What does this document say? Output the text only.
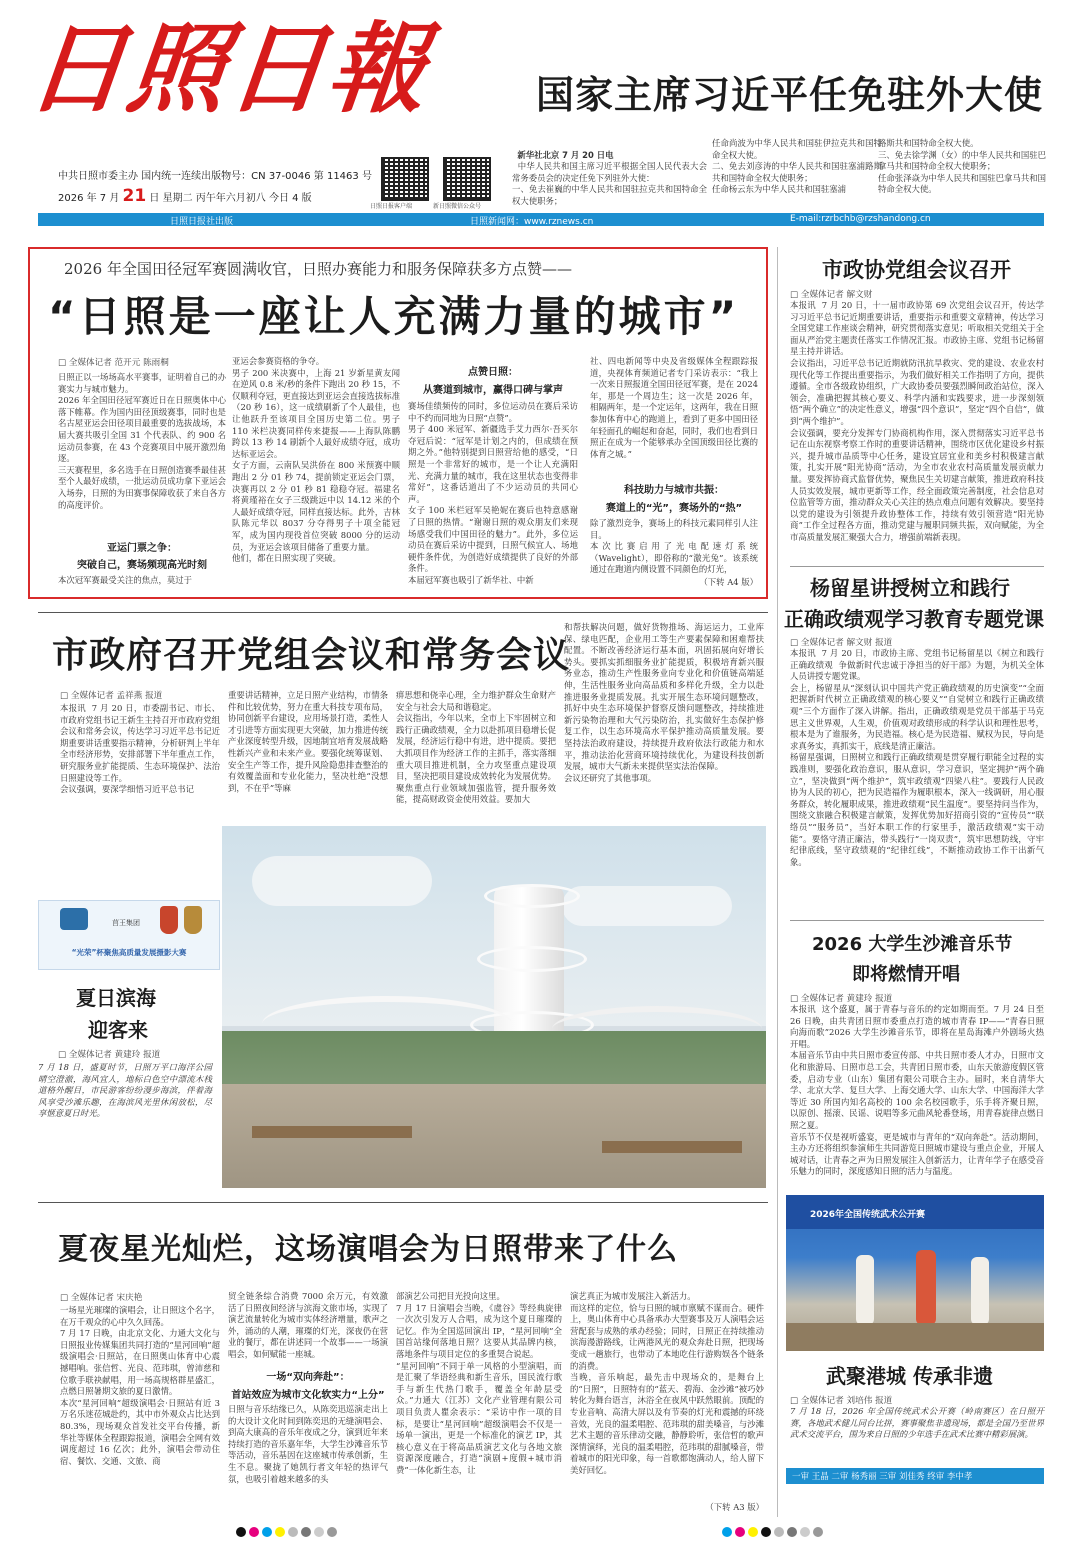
日照日報
中共日照市委主办 国内统一连续出版物号：CN 37-0046 第 11463 号
2026 年 7 月 21 日 星期二 丙午年六月初八 今日 4 版
日照日报客户端	新日照微信公众号
国家主席习近平任免驻外大使

新华社北京 7 月 20 日电
中华人民共和国主席习近平根据全国人民代表大会常务委员会的决定任免下列驻外大使：
一、免去崔巍的中华人民共和国驻拉克共和国特命全权大使职务；

任命尚波为中华人民共和国驻伊拉克共和国特命全权大使。
二、免去刘彦涛的中华人民共和国驻塞浦路斯共和国特命全权大使职务；
任命杨云东为中华人民共和国驻塞浦
路斯共和国特命全权大使。
三、免去徐学渊（女）的中华人民共和国驻巴拿马共和国特命全权大使职务；
任命张泽焱为中华人民共和国驻巴拿马共和国特命全权大使。
日照日报社出版	日照新闻网：www.rznews.cn	E-mail:rzrbchb@rzshandong.cn
2026 年全国田径冠军赛圆满收官，日照办赛能力和服务保障获多方点赞——
“日照是一座让人充满力量的城市”
□ 全媒体记者 范开元 陈雨桐
日照正以一场场高水平赛事，证明着自己的办赛实力与城市魅力。
2026 年全国田径冠军赛近日在日照奥体中心落下帷幕。作为国内田径顶级赛事，同时也是名古屋亚运会田径项目最重要的选拔战场，本届大赛共吸引全国 31 个代表队、约 900 名运动员参赛，在 43 个竞赛项目中展开激烈角逐。
三天赛程里，多名选手在日照创造赛季最佳甚至个人最好成绩，一批运动员成功拿下亚运会入场券，日照的为田赛事保障收获了来自各方的高度评价。
亚运门票之争：
突破自己，赛场频现高光时刻
本次冠军赛最受关注的焦点，莫过于
亚运会参赛资格的争夺。
男子 200 米决赛中，上海 21 岁新星黄友闻在逆风 0.8 米/秒的条件下跑出 20 秒 15，不仅顺利夺冠，更直接达到亚运会直接选拔标准（20 秒 16），这一成绩刷新了个人最佳，也让他跃升至该项目全国历史第二位。男子 110 米栏决赛同样传来捷报——上海队陈鹏跨以 13 秒 14 刷新个人最好成绩夺冠，成功达标亚运会。
女子方面，云南队吴洪侨在 800 米预赛中顺跑出 2 分 01 秒 74，提前锁定亚运会门票，决赛再以 2 分 01 秒 81 稳稳夺冠。福建名将黄瑾裕在女子三级跳远中以 14.12 米的个人最好成绩夺冠，同样直接达标。此外，吉林队陈元华以 8037 分夺得男子十项全能冠军，成为国内现役首位突破 8000 分的运动员，为亚运会该项目储备了重要力量。
他们，都在日照实现了突破。
点赞日照：
从赛道到城市，赢得口碑与掌声
赛场佳绩频传的同时，多位运动员在赛后采访中不约而同地为日照“点赞”。
男子 400 米冠军、新疆选手艾力西尔·吾买尔夺冠后说：“冠军是计划之内的，但成绩在预期之外。”他特别提到日照营给他的感受，“日照是一个非常好的城市，是一个让人充满阳光、充满力量的城市，我在这里状态也变得非常好”，这番话道出了不少运动员的共同心声。
女子 100 米栏冠军吴艳妮在赛后也特意感谢了日照的热情。“谢谢日照的观众朋友们来现场感受我们中国田径的魅力”。此外，多位运动员在赛后采访中提到，日照气候宜人、场地硬件条件优，为创造好成绩提供了良好的外部条件。
本届冠军赛也吸引了新华社、中新
社、四电新闻等中央及省级媒体全程跟踪报道，央视体育频道记者专门采访表示：“我上一次来日照报道全国田径冠军赛，是在 2024 年，那是一个周边生；这一次是 2026 年，相隔两年，是一个定运年，这两年，我在日照参加体育中心的跑道上，看到了更多中国田径年轻面孔的崛起和奋起，同时，我们也看到日照正在成为一个能够承办全国顶级田径比赛的体育之城。”
科技助力与城市共振：
赛道上的“光”，赛场外的“热”
除了激烈竞争，赛场上的科技元素同样引人注目。
本次比赛启用了光电配速灯系统（Wavelight），即俗称的“激光兔”。该系统通过在跑道内侧设置不同颜色的灯光，
（下转 A4 版）
市政府召开党组会议和常务会议
□ 全媒体记者 孟祥燕 报道
本报讯  7 月 20 日，市委副书记、市长、市政府党组书记王新生主持召开市政府党组会议和常务会议，传达学习习近平总书记近期重要讲话重要指示精神，分析研判上半年全市经济形势，安排部署下半年重点工作，研究服务业扩能提质、生态环境保护、法治日照建设等工作。
会议强调，要深学细悟习近平总书记
重要讲话精神，立足日照产业结构，市情条件和比较优势，努力在重大科技专项布局，协同创新平台建设，应用场景打造，柔性人才引进等方面实现更大突破，加力推进传统产业深度转型升级，因地制宜培育发展战略性新兴产业和未来产业。要强化统筹谋划、安全生产等工作，提升风险隐患排查整治的有效覆盖面和专业化能力，坚决杜绝“没想到，不在乎”等麻
痹思想和侥幸心理，全力维护群众生命财产安全与社会大局和谐稳定。
会议指出，今年以来，全市上下牢固树立和践行正确政绩观，全力以赴抓项目稳增长促发展，经济运行稳中有进，进中提质。要把大抓项目作为经济工作的主抓手，落实落细重大项目推进机制，全力攻坚重点建设项目，坚决把项目建设成效转化为发展优势。聚焦重点行业领域加强监管，提升服务效能，提高财政资金使用效益。要加大
和帮扶解决问题，做好货物推场、海运运力，工业库保、绿电匹配，企业用工等生产要素保障和困难帮扶配置。不断改善经济运行基本面，巩固拓展向好增长势头。要抓实抓细服务业扩能提质，积极培育新兴服务业态，推动生产性服务业向专业化和价值链高端延伸，生活性服务业向高品质和多样化升级，全力以赴推进服务业提质发展。扎实开展生态环境问题整改，抓好中央生态环境保护督察反馈问题整改，持续推进新污染物治理和大气污染防治，扎实做好生态保护修复工作，以生态环境高水平保护推动高质量发展。要坚持法治政府建设，持续提升政府依法行政能力和水平，推动法治化营商环境持续优化，为建设科技创新发展，城市大气新未来提供坚实法治保障。
会议还研究了其他事项。
莒王集团
“光荣”杯聚焦高质量发展摄影大赛
夏日滨海
迎客来
□ 全媒体记者 黄建玲 报道
7 月 18 日，盛夏时节，日照万平口海洋公园晴空澄澈，海风宜人，地标白色空中漂流木栈道格外醒目，市民游客纷纷漫步海滨，伴着海风享受沙滩乐趣，在海滨风光里休闲放松，尽享惬意夏日时光。
夏夜星光灿烂，这场演唱会为日照带来了什么
□ 全媒体记者 宋庆艳
一场星光璀璨的演唱会，让日照这个名字，在万千观众的心中久久回荡。
7 月 17 日晚，由北京文化、力通大文化与日照报业传媒集团共同打造的“星河回响”超级演唱会·日照站，在日照奥山体育中心震撼唱响。张信哲、光良、范玮琪，曾沛慈和位歌手联袂献唱，用一场高规格群星盛汇，点燃日照暑期文旅的夏日激情。
本次“星河回响”超级演唱会·日照站有近 3 万名乐迷莅城赴约，其中市外观众占比达到 80.3%，现场观众首发社交平台传播，新华社等媒体全程跟踪报道，演唱会全网有效调度超过 16 亿次；此外，演唱会带动住宿、餐饮、交通、文旅、商
贸全链条综合消费 7000 余万元，有效激活了日照夜间经济与滨海文旅市场，实现了演艺流量转化为城市实体经济增量，歌声之外，涌动的人潮，璀璨的灯光，深夜仍在营业的餐厅，都在讲述同一个故事——一场演唱会，如何赋能一座城。
一场“双向奔赴”：
首站效应为城市文化软实力“上分”
日照与音乐结缘已久，从陈奕迅巡演走出上的大设计文化时间到陈奕迅的无缝演唱会、到高大康高的音乐年夜成之分，演到近年来持续打造的音乐嘉年华，大学生沙滩音乐节等活动，音乐基因在这座城市传承创新，生生不息。聚拢了她凯行者文年轻的热评气氛，也吸引着越来越多的头
部演艺公司把目光投向这里。
7 月 17 日演唱会当晚，《虞谷》等经典旋律一次次引发万人合唱，成为这个夏日璀璨的记忆。作为全国巡回演出 IP，“星河回响”全国首站缘何落地日照？这要从其品牌内核，落地条件与项目定位的多重契合说起。
“星河回响”不同于单一风格的小型演唱，而是汇聚了华语经典和新生音乐，国民流行歌手与新生代热门歌手，覆盖全年龄层受众。”力通大（江苏）文化产业管理有限公司项目负责人瞿余表示：“采访中作一项的目标，是要让“星河回响”超级演唱会不仅是一场单一演出，更是一个标准化的演艺 IP，其核心意义在于将高品质演艺文化与各地文旅资源深度融合，打造“演剧+度假+城市消费”一体化新生态，让
演艺真正为城市发展注入新活力。
而这样的定位，恰与日照的城市禀赋不谋而合。硬件上，奥山体育中心具备承办大型赛事及万人演唱会运营配套与成熟的承办经验；同时，日照正在持续推动滨海漫游路线，让两港风光的观众奔赴日照，把现场变成一趟旅行，也带动了本地吃住行游购娱各个链条的消费。
当晚，音乐响起，最先击中现场众的，是舞台上的“日照”，日照特有的“蓝天、碧海、金沙滩”被巧妙转化为舞台语言，沐浴全在夜风中跃然眼前。顶配的专业音响、高清大屏以及有节奏的灯光和震撼的环绕音效，光良的温柔唱腔、范玮琪的甜美嗓音，与沙滩艺术主题的音乐律动交融，静静聆听，张信哲的歌声深情演绎，光良的温柔唱腔，范玮琪的甜腻嗓音，带着城市的阳光印象，每一首歌都饱满动人，给人留下美好回忆。
（下转 A3 版）
市政协党组会议召开
□ 全媒体记者 解文财
本报讯  7 月 20 日，十一届市政协第 69 次党组会议召开，传达学习习近平总书记近期重要讲话，重要指示和重要文章精神，传达学习全国党建工作座谈会精神，研究贯彻落实意见；听取相关党组关于全面从严治党主题责任落实工作情况汇报。市政协主席、党组书记杨留星主持并讲话。
会议指出，习近平总书记近期就防汛抗旱救灾、党的建设、农业农村现代化等工作提出重要指示，为我们做好相关工作指明了方向，提供遵循。全市各级政协组织，广大政协委员要强烈瞬间政治站位，深入领会，准确把握其核心要义、科学内涵和实践要求，进一步深刻领悟“两个确立”的决定性意义，增强“四个意识”，坚定“四个自信”，做到“两个维护”。
会议强调，要充分发挥专门协商机构作用，深入贯彻落实习近平总书记在山东视察考察工作时的重要讲话精神，围绕市区优化建设乡村振兴，提升城市品质等中心任务，建设宜居宜业和美乡村积极建言献策，扎实开展“阳光协商”活动，为全市农业农村高质量发展贡献力量。要发挥协商式监督优势，聚焦民生关切建言献策，推进政府科技人员实效发展，城市更新等工作，经全面政策完善制度，社会信息对位监管等方面，推动群众关心关注的热点难点问题有效解决。要坚持以党的建设为引领提升政协整体工作，持续有效引领营造“阳光协商”工作全过程各方面，推动党建与履职同频共振，双向赋能，为全市高质量发展汇聚强大合力，增强前端新表现。
杨留星讲授树立和践行
正确政绩观学习教育专题党课
□ 全媒体记者 解文财 报道
本报讯  7 月 20 日，市政协主席、党组书记杨留星以《树立和践行正确政绩观  争做新时代忠诚于净担当的好干部》为题，为机关全体人员讲授专题党课。
会上，杨留星从“深刻认识中国共产党正确政绩观的历史演变”“全面把握新时代树立正确政绩观的核心要义”“自觉树立和践行正确政绩观”三个方面作了深入讲解。指出，正确政绩观是党员干部基于马克思主义世界观，人生观，价值观对政绩形成的科学认识和理性思考，根本是为了谁服务，为民造福。核心是为民造福、赋权为民，导向是求真务实，真抓实干，底线是清正廉洁。
杨留星强调，日照树立和践行正确政绩观是贯穿履行职能全过程的实践准则，要强化政治意识，服从意识，学习意识，坚定拥护“两个确立”，坚决做到“两个维护”，筑牢政绩观“四梁八柱”。要践行人民政协为人民的初心，把为民造福作为履职根本，深入一线调研，用心服务群众，转化履职成果，推进政绩观“民生温度”。要坚持问当作为，围绕文旅融合积极建言献策，发挥优势加好招商引资的“宣传员”“联络员”“服务员”，当好本职工作的行家里手，激活政绩观“实干动能”。要恪守清正廉洁，带头践行“一岗双责”，筑牢思想防线，守牢纪律底线，坚守政绩观的“纪律红线”，不断推动政协工作干出新气象。
2026 大学生沙滩音乐节
即将燃情开唱
□ 全媒体记者 黄建玲 报道
本报讯  这个盛夏，属于青春与音乐的约定如期而至。7 月 24 日至 26 日晚，由共青团日照市委重点打造的城市青春 IP——“青春日照  向海而歌”2026 大学生沙滩音乐节，即将在星岛海滩户外剧场火热开唱。
本届音乐节由中共日照市委宣传部、中共日照市委人才办，日照市文化和旅游局、日照市总工会，共青团日照市委，山东天旅游度假区管委，启动专业（山东）集团有限公司联合主办。届时，来自清华大学、北京大学、复旦大学、上海交通大学、山东大学、中国海洋大学等近 30 所国内知名高校的 100 余名校园歌手，乐手将齐聚日照，以原创、摇滚、民谣、说唱等多元曲风轮番登场，用青春旋律点燃日照之夏。
音乐节不仅是视听盛宴，更是城市与青年的“双向奔赴”。活动期间，主办方还将组织参演师生共同游览日照城市建设与重点企业，开展人城对话，让青春之声为日照发展注入创新活力，让青年学子在感受音乐魅力的同时，深度感知日照的活力与温度。
2026年全国传统武术公开赛
武聚港城 传承非遗
□ 全媒体记者 刘培伟 报道
7 月 18 日，2026 年全国传统武术公开赛（岭南赛区）在日照开赛，各地武术健儿同台比拼，赛事聚焦非遗现场，都是全国乃至世界武术交流平台，围为来自日照的少年选手在武术比赛中精彩展演。
一审 王晶 二审 杨秀丽 三审 刘佳秀 终审 李中孝
